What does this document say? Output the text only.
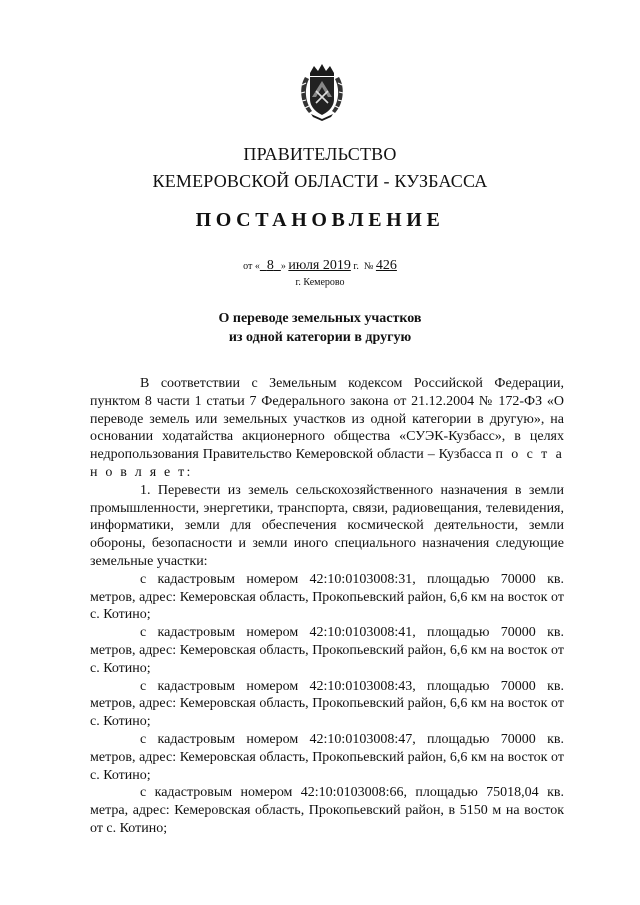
ПРАВИТЕЛЬСТВО
КЕМЕРОВСКОЙ ОБЛАСТИ - КУЗБАССА
ПОСТАНОВЛЕНИЕ
от « 8 » июля 2019 г. № 426
г. Кемерово
О переводе земельных участков
из одной категории в другую

В соответствии с Земельным кодексом Российской Федерации, пунктом 8 части 1 статьи 7 Федерального закона от 21.12.2004 № 172-ФЗ «О переводе земель или земельных участков из одной категории в другую», на основании ходатайства акционерного общества «СУЭК-Кузбасс», в целях недропользования Правительство Кемеровской области – Кузбасса п о с т а н о в л я е т:

1. Перевести из земель сельскохозяйственного назначения в земли промышленности, энергетики, транспорта, связи, радиовещания, телевидения, информатики, земли для обеспечения космической деятельности, земли обороны, безопасности и земли иного специального назначения следующие земельные участки:

с кадастровым номером 42:10:0103008:31, площадью 70000 кв. метров, адрес: Кемеровская область, Прокопьевский район, 6,6 км на восток от с. Котино;

с кадастровым номером 42:10:0103008:41, площадью 70000 кв. метров, адрес: Кемеровская область, Прокопьевский район, 6,6 км на восток от с. Котино;

с кадастровым номером 42:10:0103008:43, площадью 70000 кв. метров, адрес: Кемеровская область, Прокопьевский район, 6,6 км на восток от с. Котино;

с кадастровым номером 42:10:0103008:47, площадью 70000 кв. метров, адрес: Кемеровская область, Прокопьевский район, 6,6 км на восток от с. Котино;

с кадастровым номером 42:10:0103008:66, площадью 75018,04 кв. метра, адрес: Кемеровская область, Прокопьевский район, в 5150 м на восток от с. Котино;
